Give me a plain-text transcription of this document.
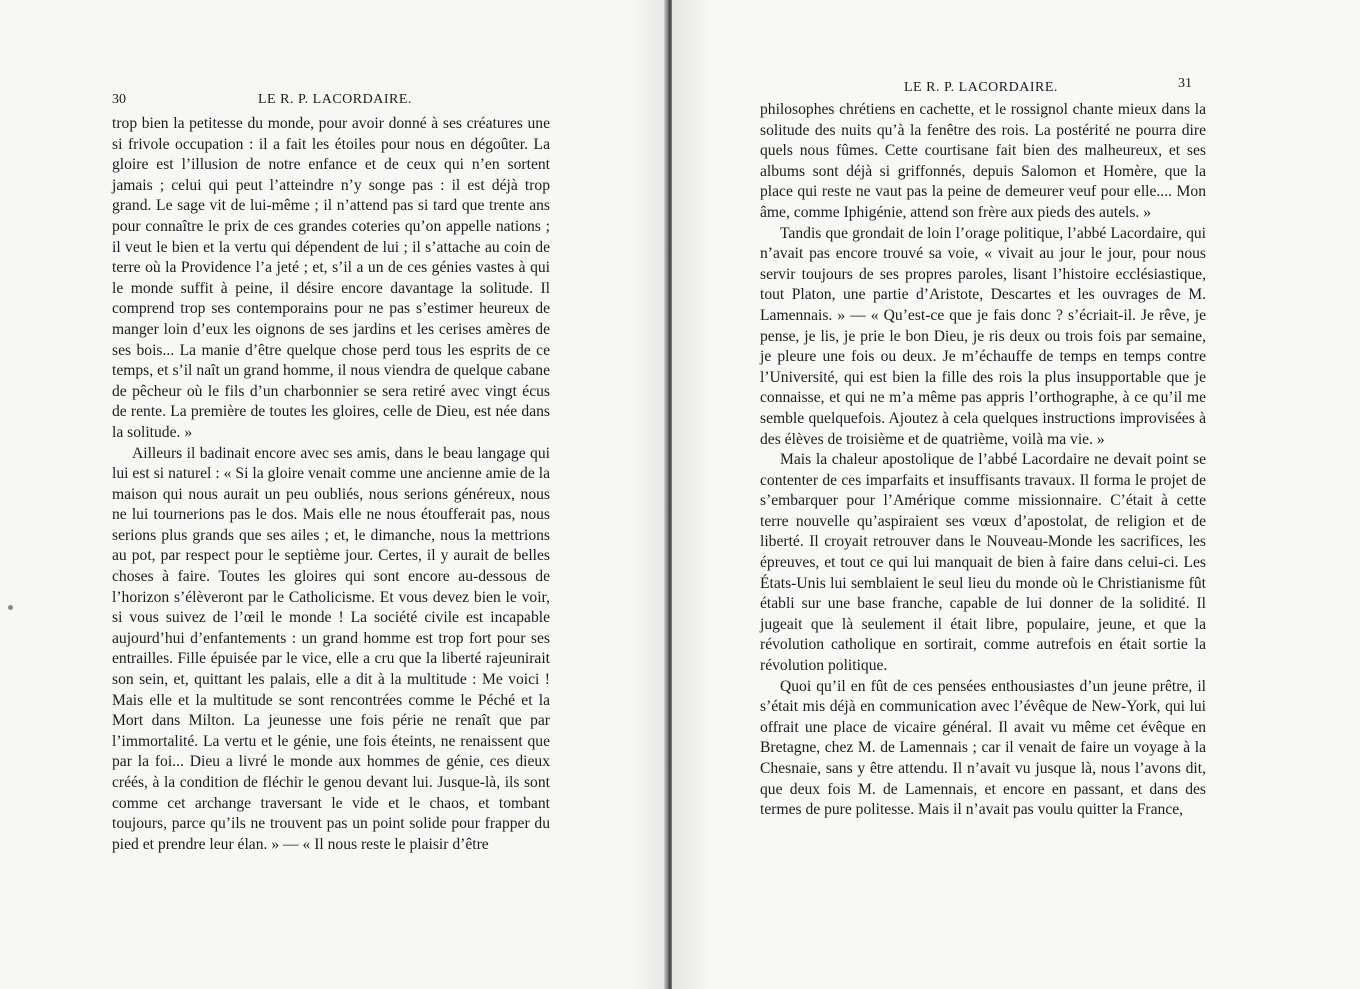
30	LE R. P. LACORDAIRE.

trop bien la petitesse du monde, pour avoir donné à ses créatures une si frivole occupation : il a fait les étoiles pour nous en dégoûter. La gloire est l’illusion de notre enfance et de ceux qui n’en sortent jamais ; celui qui peut l’atteindre n’y songe pas : il est déjà trop grand. Le sage vit de lui-même ; il n’attend pas si tard que trente ans pour connaître le prix de ces grandes coteries qu’on appelle nations ; il veut le bien et la vertu qui dépendent de lui ; il s’attache au coin de terre où la Providence l’a jeté ; et, s’il a un de ces génies vastes à qui le monde suffit à peine, il désire encore davantage la solitude. Il comprend trop ses contemporains pour ne pas s’estimer heureux de manger loin d’eux les oignons de ses jardins et les cerises amères de ses bois... La manie d’être quelque chose perd tous les esprits de ce temps, et s’il naît un grand homme, il nous viendra de quelque cabane de pêcheur où le fils d’un charbonnier se sera retiré avec vingt écus de rente. La première de toutes les gloires, celle de Dieu, est née dans la solitude. »

Ailleurs il badinait encore avec ses amis, dans le beau langage qui lui est si naturel : « Si la gloire venait comme une ancienne amie de la maison qui nous aurait un peu oubliés, nous serions généreux, nous ne lui tournerions pas le dos. Mais elle ne nous étoufferait pas, nous serions plus grands que ses ailes ; et, le dimanche, nous la mettrions au pot, par respect pour le septième jour. Certes, il y aurait de belles choses à faire. Toutes les gloires qui sont encore au-dessous de l’horizon s’élèveront par le Catholicisme. Et vous devez bien le voir, si vous suivez de l’œil le monde ! La société civile est incapable aujourd’hui d’enfantements : un grand homme est trop fort pour ses entrailles. Fille épuisée par le vice, elle a cru que la liberté rajeunirait son sein, et, quittant les palais, elle a dit à la multitude : Me voici ! Mais elle et la multitude se sont rencontrées comme le Péché et la Mort dans Milton. La jeunesse une fois périe ne renaît que par l’immortalité. La vertu et le génie, une fois éteints, ne renaissent que par la foi... Dieu a livré le monde aux hommes de génie, ces dieux créés, à la condition de fléchir le genou devant lui. Jusque-là, ils sont comme cet archange traversant le vide et le chaos, et tombant toujours, parce qu’ils ne trouvent pas un point solide pour frapper du pied et prendre leur élan. » — « Il nous reste le plaisir d’être

LE R. P. LACORDAIRE.	31

philosophes chrétiens en cachette, et le rossignol chante mieux dans la solitude des nuits qu’à la fenêtre des rois. La postérité ne pourra dire quels nous fûmes. Cette courtisane fait bien des malheureux, et ses albums sont déjà si griffonnés, depuis Salomon et Homère, que la place qui reste ne vaut pas la peine de demeurer veuf pour elle.... Mon âme, comme Iphigénie, attend son frère aux pieds des autels. »

Tandis que grondait de loin l’orage politique, l’abbé Lacordaire, qui n’avait pas encore trouvé sa voie, « vivait au jour le jour, pour nous servir toujours de ses propres paroles, lisant l’histoire ecclésiastique, tout Platon, une partie d’Aristote, Descartes et les ouvrages de M. Lamennais. » — « Qu’est-ce que je fais donc ? s’écriait-il. Je rêve, je pense, je lis, je prie le bon Dieu, je ris deux ou trois fois par semaine, je pleure une fois ou deux. Je m’échauffe de temps en temps contre l’Université, qui est bien la fille des rois la plus insupportable que je connaisse, et qui ne m’a même pas appris l’orthographe, à ce qu’il me semble quelquefois. Ajoutez à cela quelques instructions improvisées à des élèves de troisième et de quatrième, voilà ma vie. »

Mais la chaleur apostolique de l’abbé Lacordaire ne devait point se contenter de ces imparfaits et insuffisants travaux. Il forma le projet de s’embarquer pour l’Amérique comme missionnaire. C’était à cette terre nouvelle qu’aspiraient ses vœux d’apostolat, de religion et de liberté. Il croyait retrouver dans le Nouveau-Monde les sacrifices, les épreuves, et tout ce qui lui manquait de bien à faire dans celui-ci. Les États-Unis lui semblaient le seul lieu du monde où le Christianisme fût établi sur une base franche, capable de lui donner de la solidité. Il jugeait que là seulement il était libre, populaire, jeune, et que la révolution catholique en sortirait, comme autrefois en était sortie la révolution politique.

Quoi qu’il en fût de ces pensées enthousiastes d’un jeune prêtre, il s’était mis déjà en communication avec l’évêque de New-York, qui lui offrait une place de vicaire général. Il avait vu même cet évêque en Bretagne, chez M. de Lamennais ; car il venait de faire un voyage à la Chesnaie, sans y être attendu. Il n’avait vu jusque là, nous l’avons dit, que deux fois M. de Lamennais, et encore en passant, et dans des termes de pure politesse. Mais il n’avait pas voulu quitter la France,
